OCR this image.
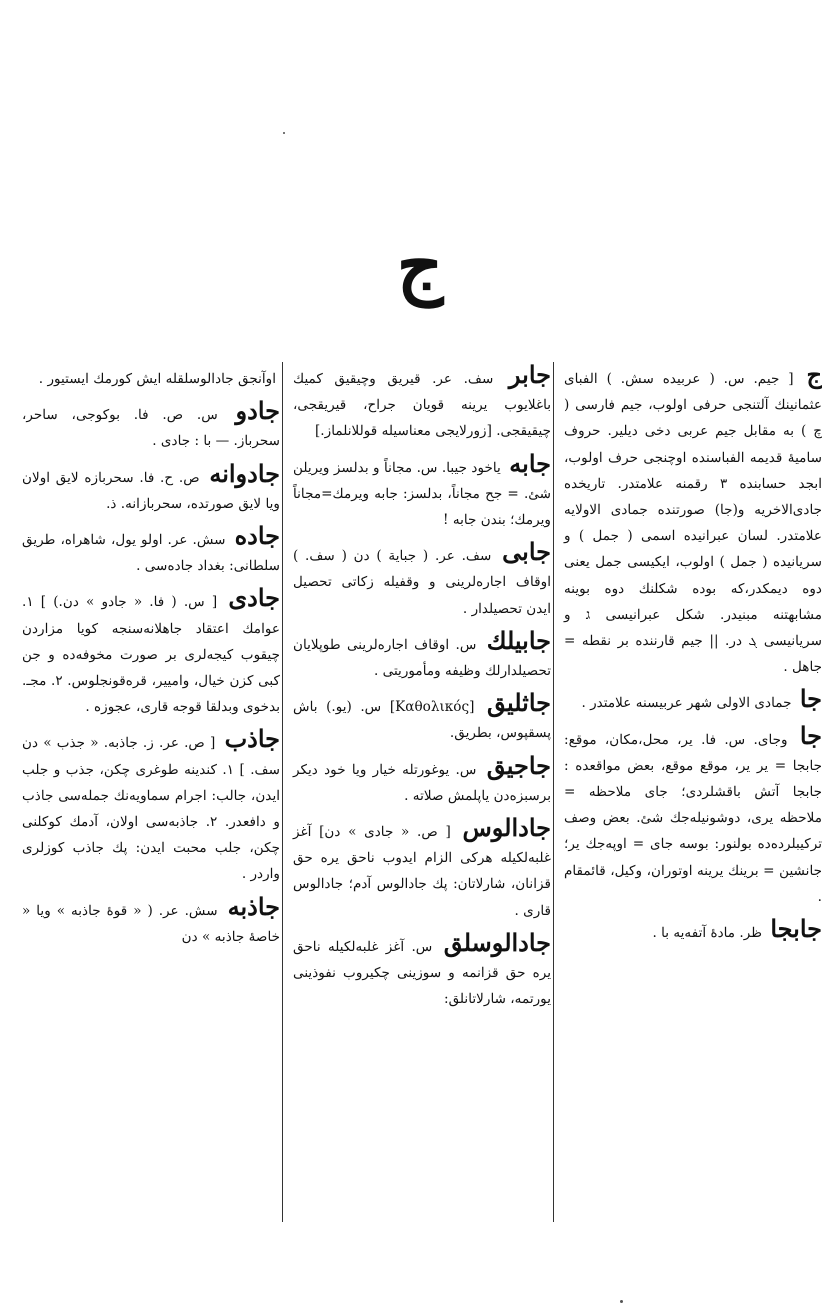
ج

ج [ جيم. س. ( عربيده سش. ) الفباى عثمانينك آلتنجى حرفى اولوب، جيم فارسى ( چ ) به مقابل جيم عربى دخى ديلير. حروف ساميهٔ قديمه الفباسنده اوچنجى حرف اولوب، ابجد حسابنده ٣ رقمنه علامتدر. تاريخده جادى‌الاخريه و(جا) صورتنده جمادى الاولايه علامتدر. لسان عبرانيده اسمى ( جمل ) و سريانيده ( جمل ) اولوب، ايكيسى جمل يعنى دوه ديمكدر،كه بوده شكلنك دوه بوينه مشابهتنه مبنيدر. شكل عبرانيسى ג و سريانيسى ܓ در. || جيم قارننده بر نقطه = جاهل .

جا جمادى الاولى شهر عربيسنه علامتدر .

جا وجاى. س. فا. ير، محل،مكان، موقع: جابجا = ير ير، موقع موقع، بعض مواقعده : جابجا آتش باقشلردى؛ جاى ملاحظه = ملاحظه يرى، دوشونيله‌جك شئ. بعض وصف تركيبلرده‌ده بولنور: بوسه جاى = اوپه‌جك ير؛ جانشين = برينك يرينه اوتوران، وكيل، قائمقام .

جابجا ظر. مادهٔ آتفه‌يه با .

جابر سف. عر. قيريق وچيقيق كميك باغلايوب يرينه قويان جراح، قيريقجى، چيقيقجى. [زورلايجى معناسيله قوللانلماز.]

جابه ياخود جيبا. س. مجاناً و بدلسز ويريلن شئ. = جح مجاناً، بدلسز: جابه ويرمك=مجاناً ويرمك؛ بندن جابه !

جابى سف. عر. ( جباية ) دن ( سف. ) اوقاف اجاره‌لرينى و وقفيله زكاتى تحصيل ايدن تحصيلدار .

جابيلك س. اوقاف اجاره‌لرينى طوپلايان تحصيلدارلك وظيفه ومأموريتى .

جاثليق [Καθολικός] س. (يو.) باش پسقپوس، بطريق.

جاجيق س. يوغورتله خيار ويا خود ديكر برسبزه‌دن ياپلمش صلاته .

جادالوس [ ص. « جادى » دن] آغز غلبه‌لكيله هركى الزام ايدوب ناحق يره حق قزانان، شارلاتان: پك جادالوس آدم؛ جادالوس قارى .

جادالوسلق س. آغز غلبه‌لكيله ناحق يره حق قزانمه و سوزينى چكيروب نفوذينى يورتمه، شارلاتانلق:

اوآنجق جادالوسلقله ايش كورمك ايستيور .

جادو س. ص. فا. بوكوجى، ساحر، سحرباز. — با : جادى .

جادوانه ص. ح. فا. سحربازه لايق اولان ويا لايق صورتده، سحربازانه. ذ.

جاده سش. عر. اولو يول، شاهراه، طريق سلطانى: بغداد جاده‌سى .

جادى [ س. ( فا. « جادو » دن.) ] ١. عوامك اعتقاد جاهلانه‌سنجه كويا مزاردن چيقوب كيجه‌لرى بر صورت مخوفه‌ده و جن كبى كزن خيال، واميير، قره‌قونجلوس. ٢. مجـ. بدخوى وبدلقا قوجه قارى، عجوزه .

جاذب [ ص. عر. ز. جاذبه. « جذب » دن سف. ] ١. كندينه طوغرى چكن، جذب و جلب ايدن، جالب: اجرام سماويه‌نك جمله‌سى جاذب و دافعدر. ٢. جاذبه‌سى اولان، آدمك كوكلنى چكن، جلب محبت ايدن: پك جاذب كوزلرى واردر .

جاذبه سش. عر. ( « قوهٔ جاذبه » ويا « خاصهٔ جاذبه » دن
